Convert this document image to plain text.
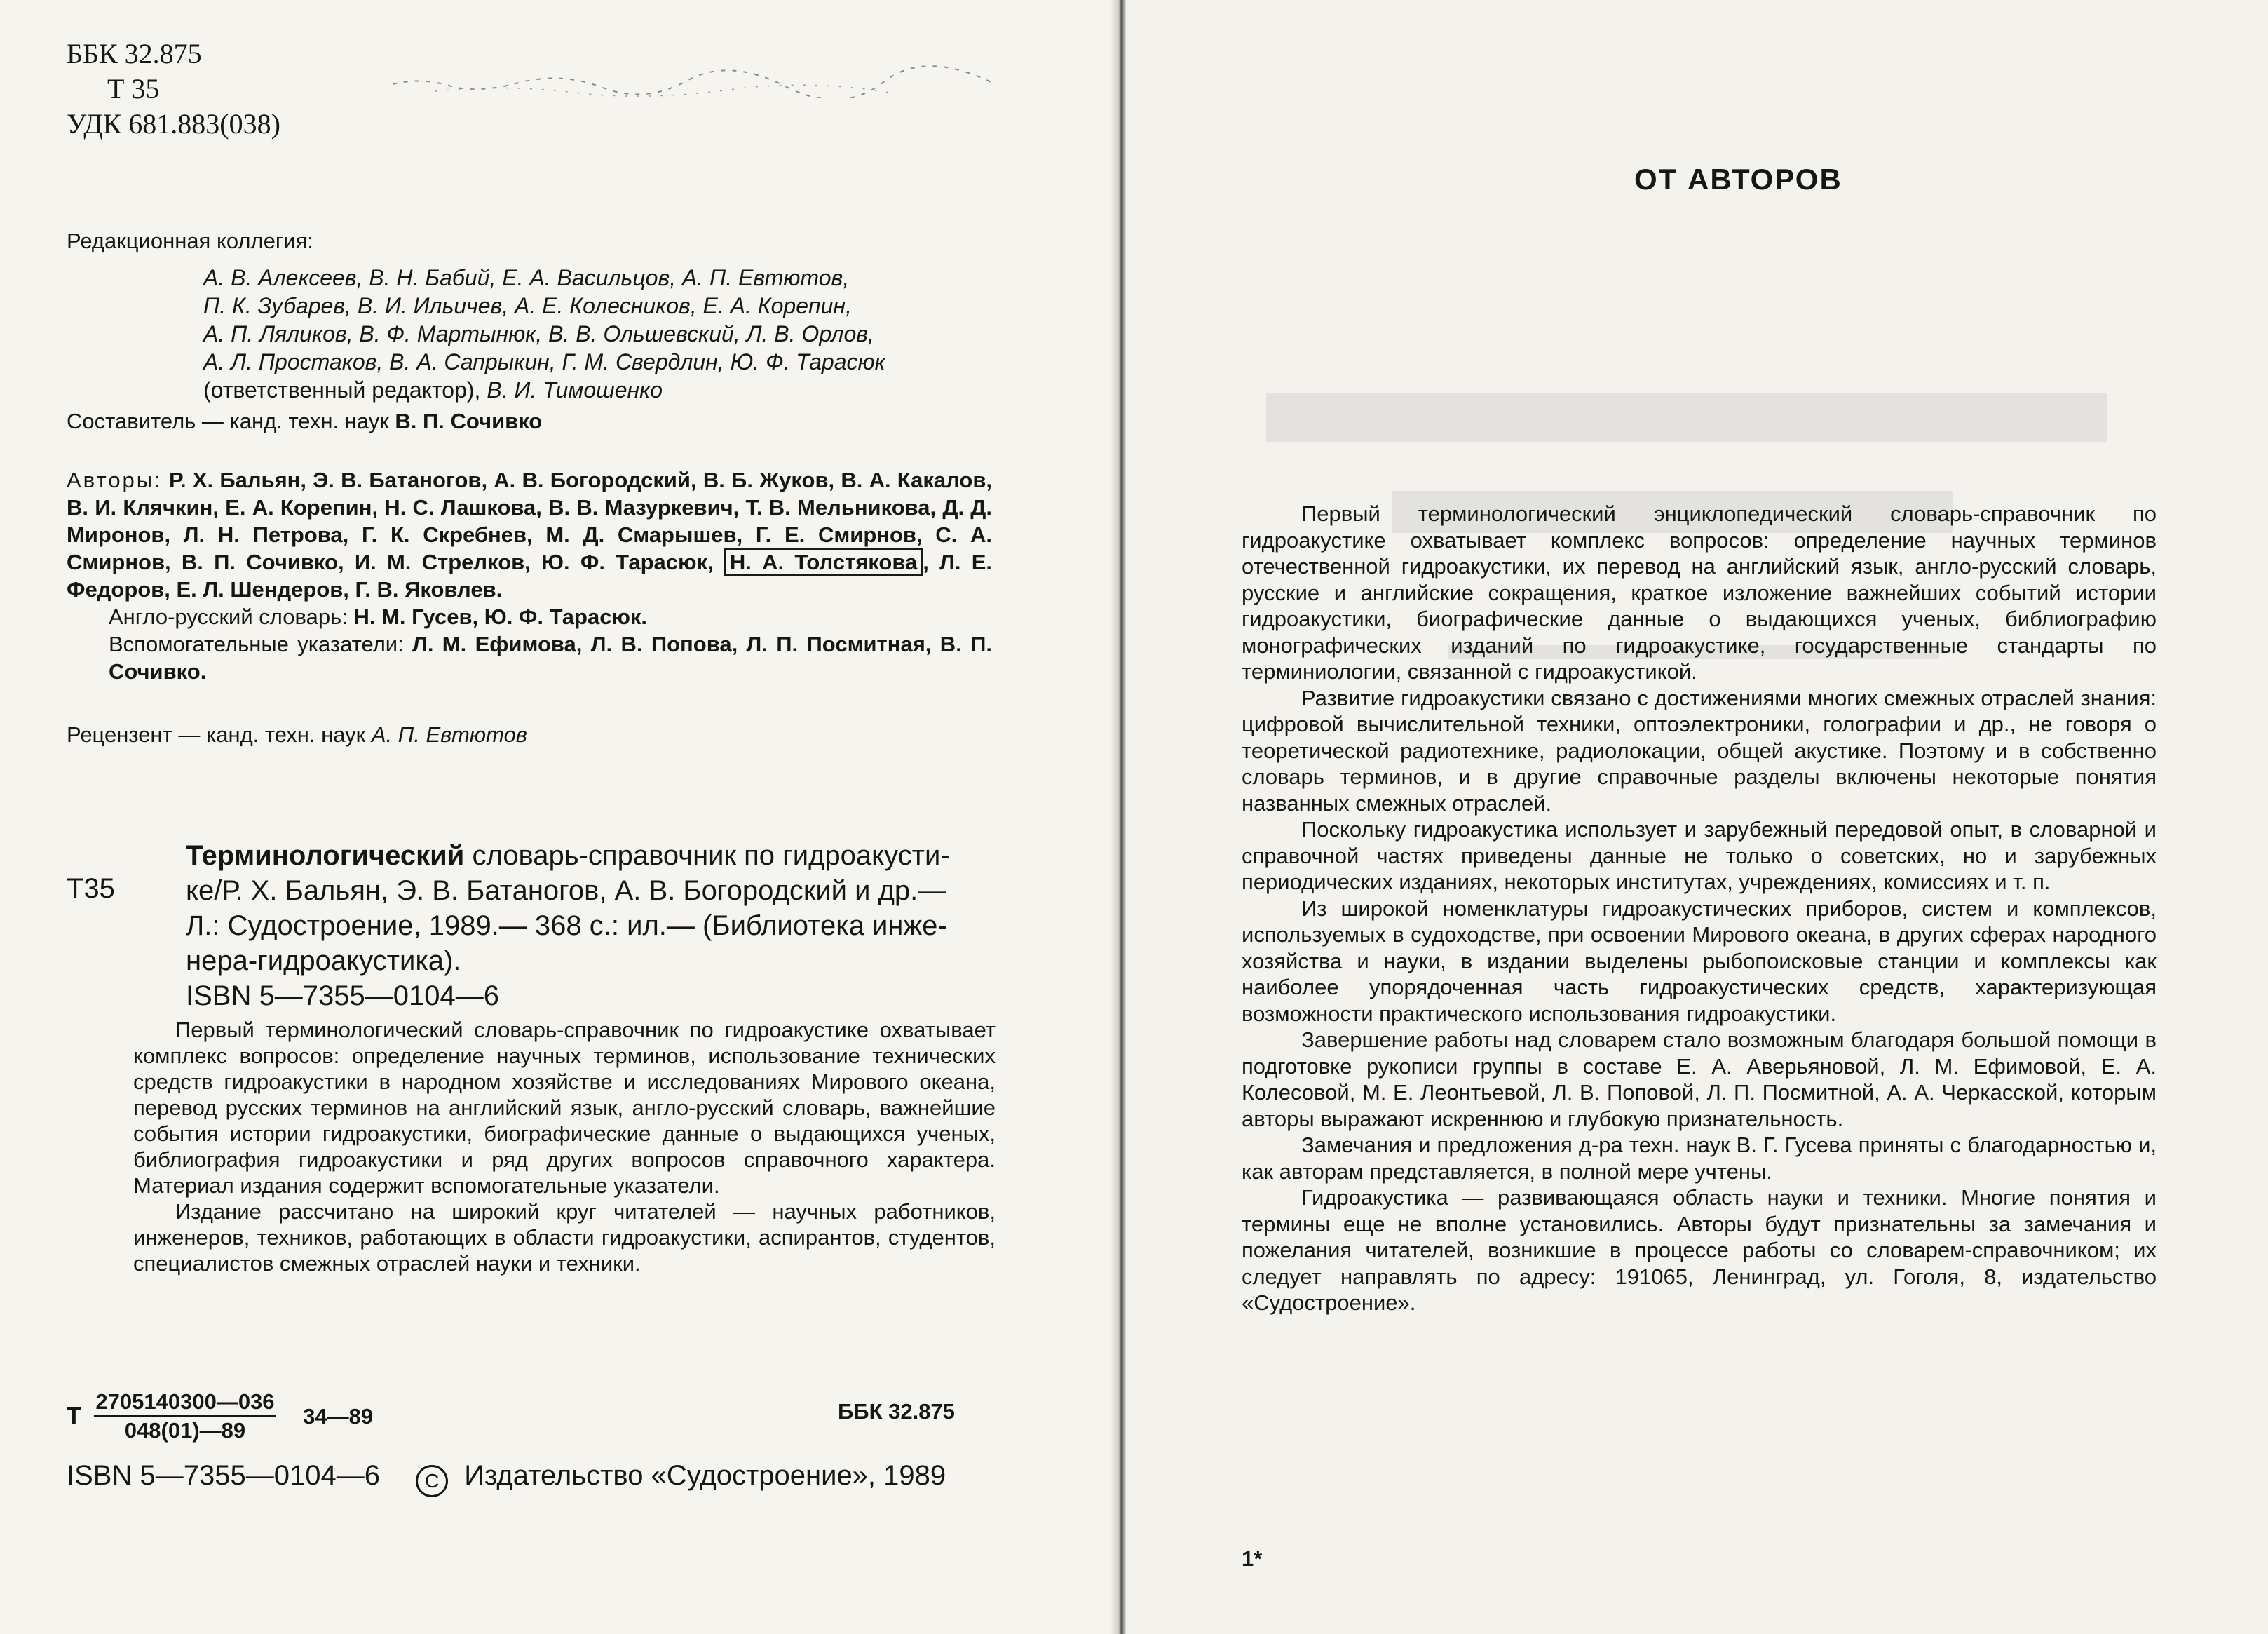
ББК 32.875
Т 35
УДК 681.883(038)
Редакционная коллегия:
А. В. Алексеев, В. Н. Бабий, Е. А. Васильцов, А. П. Евтютов,
П. К. Зубарев, В. И. Ильичев, А. Е. Колесников, Е. А. Корепин,
А. П. Ляликов, В. Ф. Мартынюк, В. В. Ольшевский, Л. В. Орлов,
А. Л. Простаков, В. А. Сапрыкин, Г. М. Свердлин, Ю. Ф. Тарасюк
(ответственный редактор), В. И. Тимошенко
Составитель — канд. техн. наук В. П. Сочивко
Авторы: Р. Х. Бальян, Э. В. Батаногов, А. В. Богородский, В. Б. Жуков, В. А. Какалов, В. И. Клячкин, Е. А. Корепин, Н. С. Лашкова, В. В. Мазуркевич, Т. В. Мельникова, Д. Д. Миронов, Л. Н. Петрова, Г. К. Скребнев, М. Д. Смарышев, Г. Е. Смирнов, С. А. Смирнов, В. П. Сочивко, И. М. Стрелков, Ю. Ф. Тарасюк, Н. А. Толстякова , Л. Е. Федоров, Е. Л. Шендеров, Г. В. Яковлев.
Англо-русский словарь: Н. М. Гусев, Ю. Ф. Тарасюк.
Вспомогательные указатели: Л. М. Ефимова, Л. В. Попова, Л. П. Посмитная, В. П. Сочивко.
Рецензент — канд. техн. наук А. П. Евтютов
Т35
Терминологический словарь-справочник по гидроакусти-
ке/Р. Х. Бальян, Э. В. Батаногов, А. В. Богородский и др.—
Л.: Судостроение, 1989.— 368 с.: ил.— (Библиотека инже-
нера-гидроакустика).
ISBN 5—7355—0104—6

Первый терминологический словарь-справочник по гидроакустике охватывает комплекс вопросов: определение научных терминов, использование технических средств гидроакустики в народном хозяйстве и исследованиях Мирового океана, перевод русских терминов на английский язык, англо-русский словарь, важнейшие события истории гидроакустики, биографические данные о выдающихся ученых, библиография гидроакустики и ряд других вопросов справочного характера. Материал издания содержит вспомогательные указатели.

Издание рассчитано на широкий круг читателей — научных работников, инженеров, техников, работающих в области гидроакустики, аспирантов, студентов, специалистов смежных отраслей науки и техники.

Т $\frac{2705140300—036}{048(01)—89}$ 34—89	ББК 32.875
ISBN 5—7355—0104—6 C Издательство «Судостроение», 1989
ОТ АВТОРОВ

Первый терминологический энциклопедический словарь-справочник по гидроакустике охватывает комплекс вопросов: определение научных терминов отечественной гидроакустики, их перевод на английский язык, англо-русский словарь, русские и английские сокращения, краткое изложение важнейших событий истории гидроакустики, биографические данные о выдающихся ученых, библиографию монографических изданий по гидроакустике, государственные стандарты по терминиологии, связанной с гидроакустикой.

Развитие гидроакустики связано с достижениями многих смежных отраслей знания: цифровой вычислительной техники, оптоэлектроники, голографии и др., не говоря о теоретической радиотехнике, радиолокации, общей акустике. Поэтому и в собственно словарь терминов, и в другие справочные разделы включены некоторые понятия названных смежных отраслей.

Поскольку гидроакустика использует и зарубежный передовой опыт, в словарной и справочной частях приведены данные не только о советских, но и зарубежных периодических изданиях, некоторых институтах, учреждениях, комиссиях и т. п.

Из широкой номенклатуры гидроакустических приборов, систем и комплексов, используемых в судоходстве, при освоении Мирового океана, в других сферах народного хозяйства и науки, в издании выделены рыбопоисковые станции и комплексы как наиболее упорядоченная часть гидроакустических средств, характеризующая возможности практического использования гидроакустики.

Завершение работы над словарем стало возможным благодаря большой помощи в подготовке рукописи группы в составе Е. А. Аверьяновой, Л. М. Ефимовой, Е. А. Колесовой, М. Е. Леонтьевой, Л. В. Поповой, Л. П. Посмитной, А. А. Черкасской, которым авторы выражают искреннюю и глубокую признательность.

Замечания и предложения д-ра техн. наук В. Г. Гусева приняты с благодарностью и, как авторам представляется, в полной мере учтены.

Гидроакустика — развивающаяся область науки и техники. Многие понятия и термины еще не вполне установились. Авторы будут признательны за замечания и пожелания читателей, возникшие в процессе работы со словарем-справочником; их следует направлять по адресу: 191065, Ленинград, ул. Гоголя, 8, издательство «Судостроение».

1*
